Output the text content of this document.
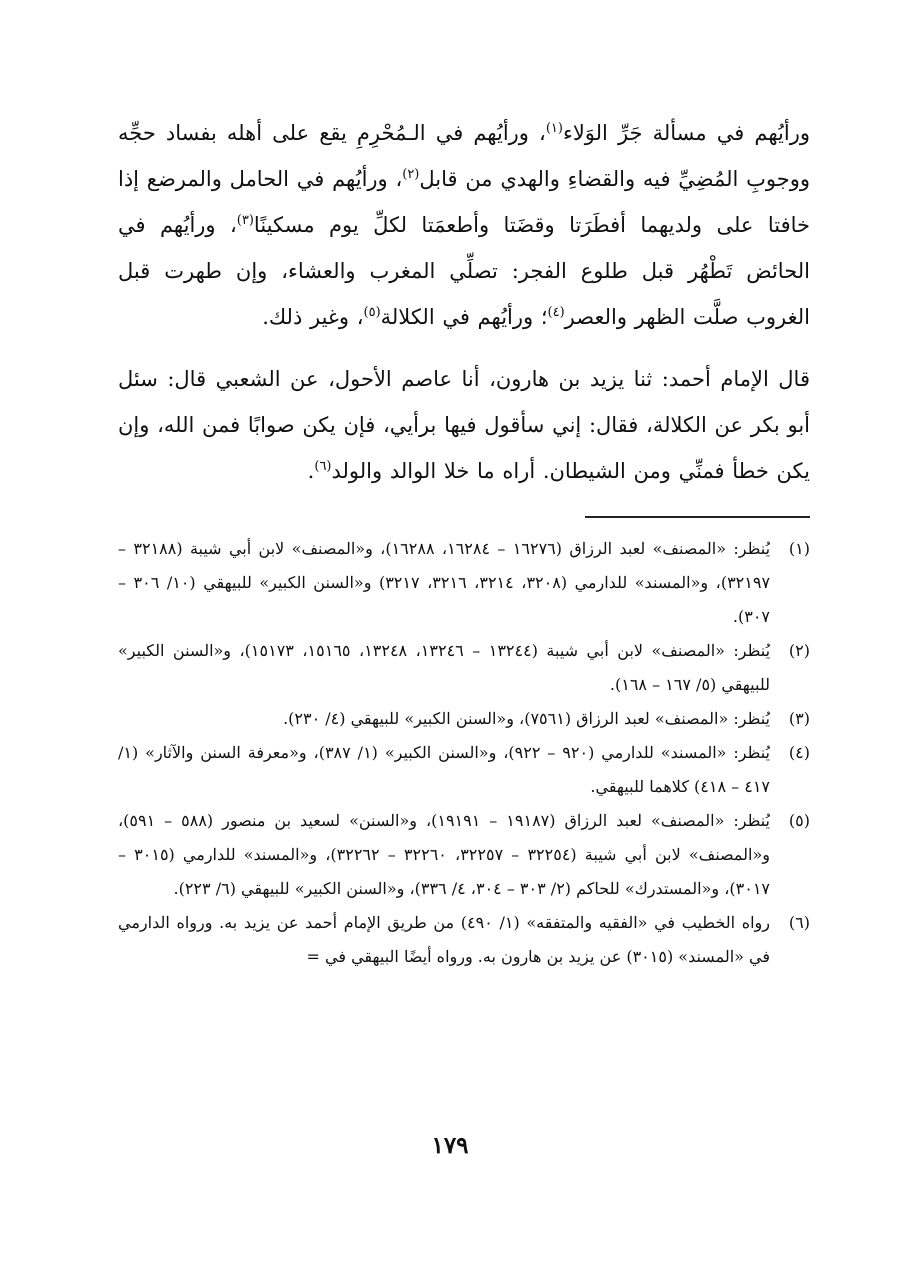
ورأيُهم في مسألة جَرِّ الوَلاء$^{(١)}$، ورأيُهم في الـمُحْرِمِ يقع على أهله بفساد حجِّه ووجوبِ المُضِيِّ فيه والقضاءِ والهدي من قابل$^{(٢)}$، ورأيُهم في الحامل والمرضع إذا خافتا على ولديهما أفطَرَتا وقضَتا وأطعمَتا لكلِّ يوم مسكينًا$^{(٣)}$، ورأيُهم في الحائض تَطْهُر قبل طلوع الفجر: تصلِّي المغرب والعشاء، وإن طهرت قبل الغروب صلَّت الظهر والعصر$^{(٤)}$؛ ورأيُهم في الكلالة$^{(٥)}$، وغير ذلك.

قال الإمام أحمد: ثنا يزيد بن هارون، أنا عاصم الأحول، عن الشعبي قال: سئل أبو بكر عن الكلالة، فقال: إني سأقول فيها برأيي، فإن يكن صوابًا فمن الله، وإن يكن خطأ فمنِّي ومن الشيطان. أراه ما خلا الوالد والولد$^{(٦)}$.

(١)
يُنظر: «المصنف» لعبد الرزاق (١٦٢٧٦ – ١٦٢٨٤، ١٦٢٨٨)، و«المصنف» لابن أبي شيبة (٣٢١٨٨ – ٣٢١٩٧)، و«المسند» للدارمي (٣٢٠٨، ٣٢١٤، ٣٢١٦، ٣٢١٧) و«السنن الكبير» للبيهقي (١٠/ ٣٠٦ – ٣٠٧).
(٢)
يُنظر: «المصنف» لابن أبي شيبة (١٣٢٤٤ – ١٣٢٤٦، ١٣٢٤٨، ١٥١٦٥، ١٥١٧٣)، و«السنن الكبير» للبيهقي (٥/ ١٦٧ – ١٦٨).
(٣)
يُنظر: «المصنف» لعبد الرزاق (٧٥٦١)، و«السنن الكبير» للبيهقي (٤/ ٢٣٠).
(٤)
يُنظر: «المسند» للدارمي (٩٢٠ – ٩٢٢)، و«السنن الكبير» (١/ ٣٨٧)، و«معرفة السنن والآثار» (١/ ٤١٧ – ٤١٨) كلاهما للبيهقي.
(٥)
يُنظر: «المصنف» لعبد الرزاق (١٩١٨٧ – ١٩١٩١)، و«السنن» لسعيد بن منصور (٥٨٨ – ٥٩١)، و«المصنف» لابن أبي شيبة (٣٢٢٥٤ – ٣٢٢٥٧، ٣٢٢٦٠ – ٣٢٢٦٢)، و«المسند» للدارمي (٣٠١٥ – ٣٠١٧)، و«المستدرك» للحاكم (٢/ ٣٠٣ – ٣٠٤، ٤/ ٣٣٦)، و«السنن الكبير» للبيهقي (٦/ ٢٢٣).
(٦)
رواه الخطيب في «الفقيه والمتفقه» (١/ ٤٩٠) من طريق الإمام أحمد عن يزيد به. ورواه الدارمي في «المسند» (٣٠١٥) عن يزيد بن هارون به. ورواه أيضًا البيهقي في =
١٧٩
